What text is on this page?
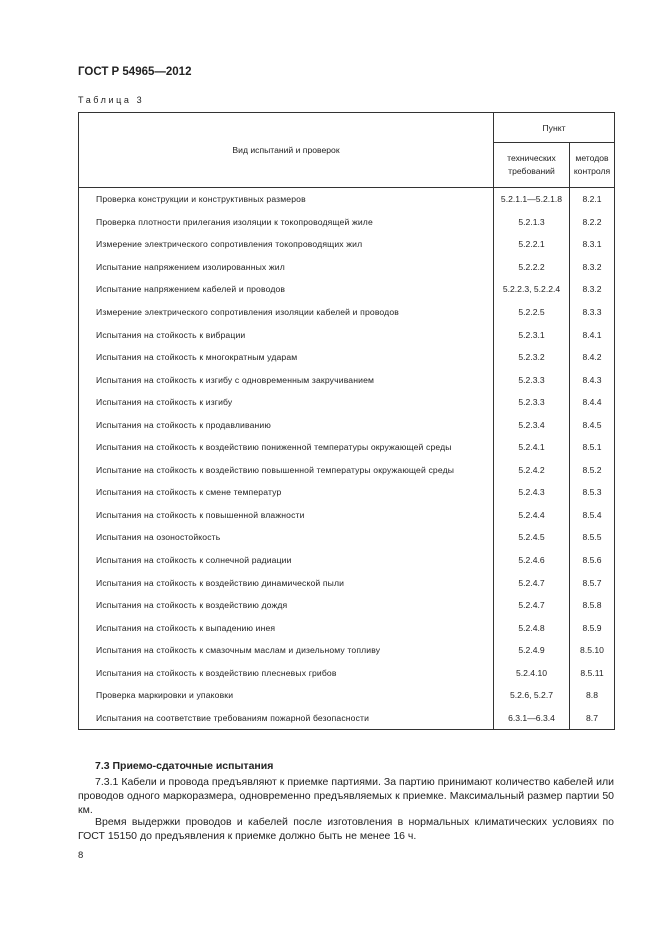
ГОСТ Р 54965—2012
Таблица 3
Вид испытаний и проверок	Пункт	
	технических требований	методов контроля
Проверка конструкции и конструктивных размеров	5.2.1.1—5.2.1.8	8.2.1
Проверка плотности прилегания изоляции к токопроводящей жиле	5.2.1.3	8.2.2
Измерение электрического сопротивления токопроводящих жил	5.2.2.1	8.3.1
Испытание напряжением изолированных жил	5.2.2.2	8.3.2
Испытание напряжением кабелей и проводов	5.2.2.3, 5.2.2.4	8.3.2
Измерение электрического сопротивления изоляции кабелей и проводов	5.2.2.5	8.3.3
Испытания на стойкость к вибрации	5.2.3.1	8.4.1
Испытания на стойкость к многократным ударам	5.2.3.2	8.4.2
Испытания на стойкость к изгибу с одновременным закручиванием	5.2.3.3	8.4.3
Испытания на стойкость к изгибу	5.2.3.3	8.4.4
Испытания на стойкость к продавливанию	5.2.3.4	8.4.5
Испытания на стойкость к воздействию пониженной температуры окружающей среды	5.2.4.1	8.5.1
Испытание на стойкость к воздействию повышенной температуры окружающей среды	5.2.4.2	8.5.2
Испытания на стойкость к смене температур	5.2.4.3	8.5.3
Испытания на стойкость к повышенной влажности	5.2.4.4	8.5.4
Испытания на озоностойкость	5.2.4.5	8.5.5
Испытания на стойкость к солнечной радиации	5.2.4.6	8.5.6
Испытания на стойкость к воздействию динамической пыли	5.2.4.7	8.5.7
Испытания на стойкость к воздействию дождя	5.2.4.7	8.5.8
Испытания на стойкость к выпадению инея	5.2.4.8	8.5.9
Испытания на стойкость к смазочным маслам и дизельному топливу	5.2.4.9	8.5.10
Испытания на стойкость к воздействию плесневых грибов	5.2.4.10	8.5.11
Проверка маркировки и упаковки	5.2.6, 5.2.7	8.8
Испытания на соответствие требованиям пожарной безопасности	6.3.1—6.3.4	8.7
7.3 Приемо-сдаточные испытания
7.3.1 Кабели и провода предъявляют к приемке партиями. За партию принимают количество кабелей или проводов одного маркоразмера, одновременно предъявляемых к приемке. Максимальный размер партии 50 км.
Время выдержки проводов и кабелей после изготовления в нормальных климатических условиях по ГОСТ 15150 до предъявления к приемке должно быть не менее 16 ч.
8
